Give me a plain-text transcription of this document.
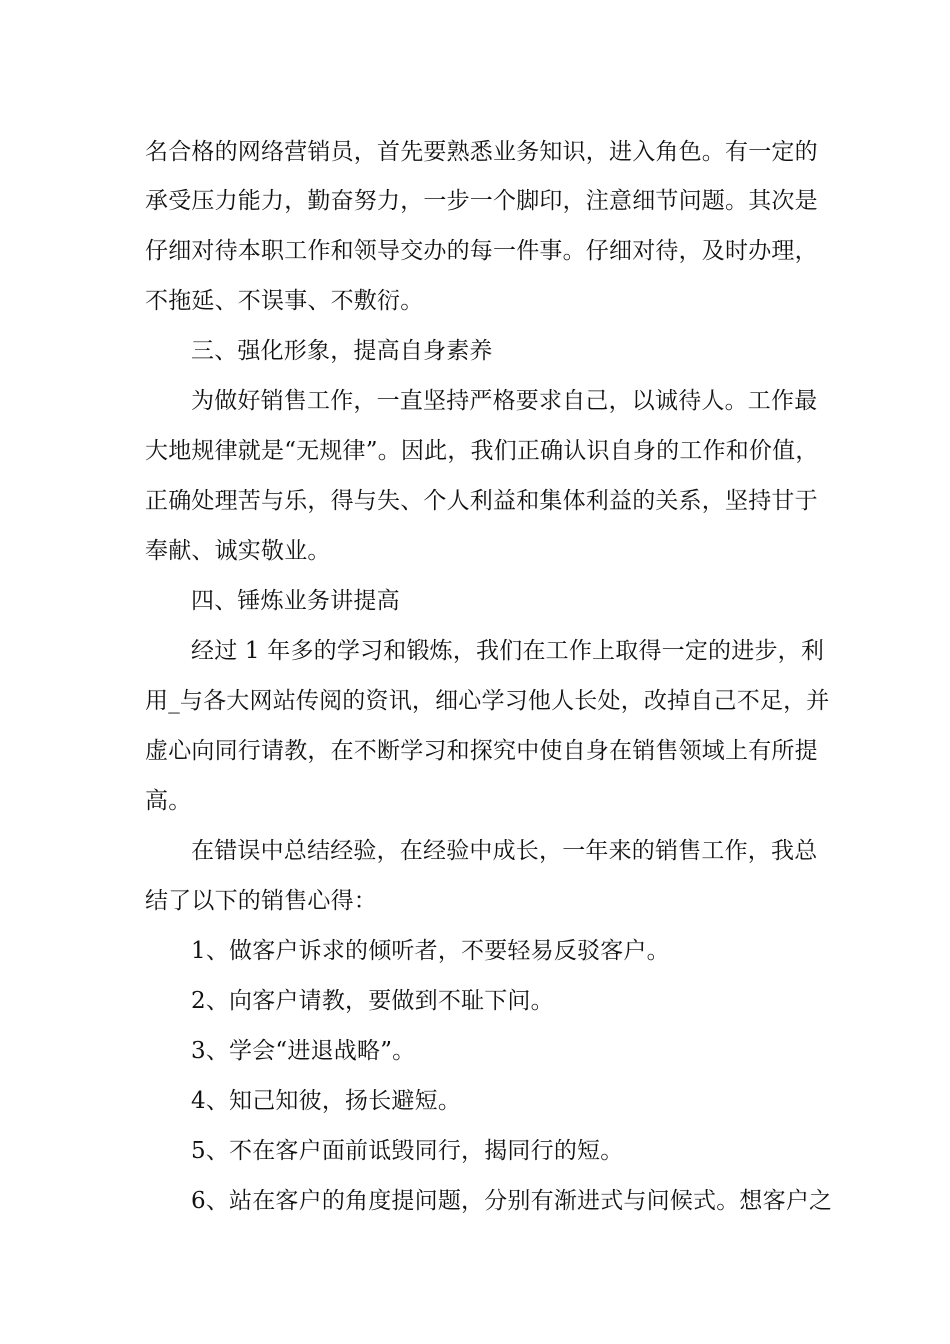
名合格的网络营销员，首先要熟悉业务知识，进入角色。有一定的
承受压力能力，勤奋努力，一步一个脚印，注意细节问题。其次是
仔细对待本职工作和领导交办的每一件事。仔细对待，及时办理，
不拖延、不误事、不敷衍。
三、强化形象，提高自身素养
为做好销售工作，一直坚持严格要求自己，以诚待人。工作最
大地规律就是“无规律”。因此，我们正确认识自身的工作和价值，
正确处理苦与乐，得与失、个人利益和集体利益的关系，坚持甘于
奉献、诚实敬业。
四、锤炼业务讲提高
经过 1 年多的学习和锻炼，我们在工作上取得一定的进步，利
用_与各大网站传阅的资讯，细心学习他人长处，改掉自己不足，并
虚心向同行请教，在不断学习和探究中使自身在销售领域上有所提
高。
在错误中总结经验，在经验中成长，一年来的销售工作，我总
结了以下的销售心得：
1、做客户诉求的倾听者，不要轻易反驳客户。
2、向客户请教，要做到不耻下问。
3、学会“进退战略”。
4、知己知彼，扬长避短。
5、不在客户面前诋毁同行，揭同行的短。
6、站在客户的角度提问题，分别有渐进式与问候式。想客户之
